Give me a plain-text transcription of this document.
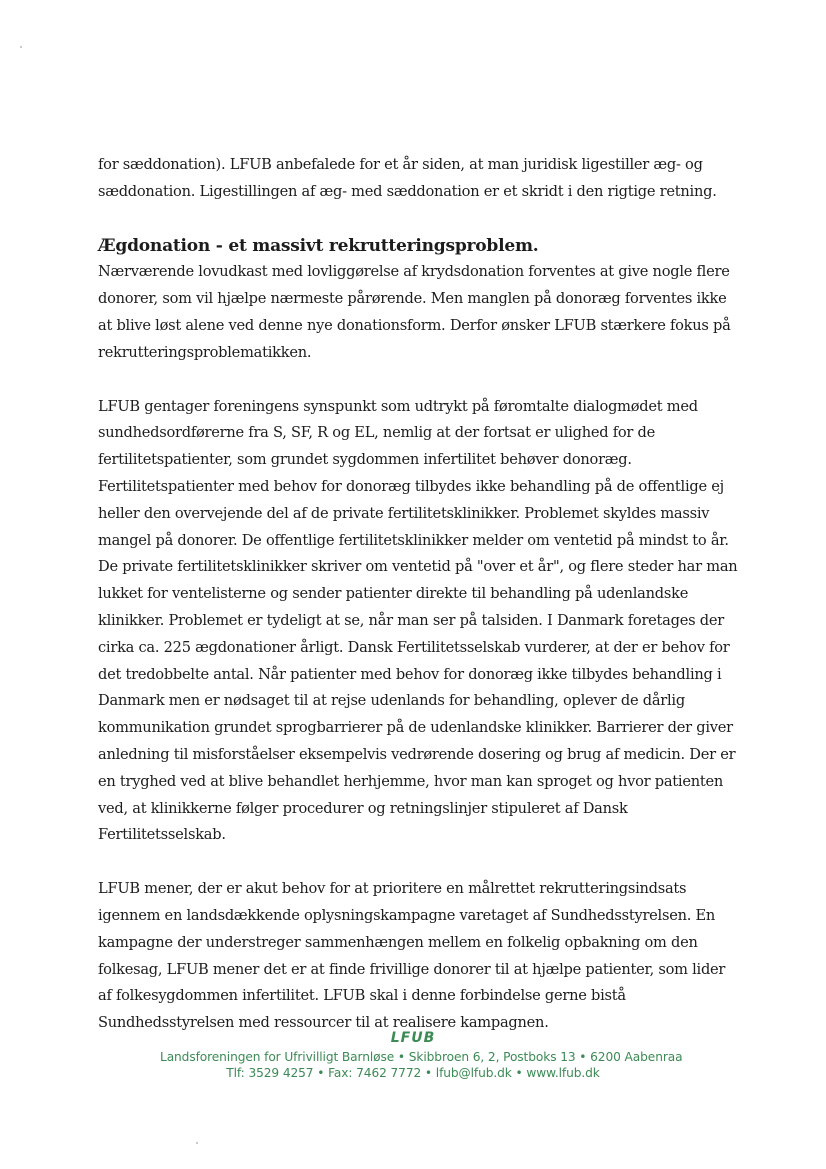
for sæddonation). LFUB anbefalede for et år siden, at man juridisk ligestiller æg- og sæddonation. Ligestillingen af æg- med sæddonation er et skridt i den rigtige retning.

Ægdonation - et massivt rekrutteringsproblem.

Nærværende lovudkast med lovliggørelse af krydsdonation forventes at give nogle flere donorer, som vil hjælpe nærmeste pårørende. Men manglen på donoræg forventes ikke at blive løst alene ved denne nye donationsform. Derfor ønsker LFUB stærkere fokus på rekrutteringsproblematikken.

LFUB gentager foreningens synspunkt som udtrykt på føromtalte dialogmødet med sundhedsordførerne fra S, SF, R og EL, nemlig at der fortsat er ulighed for de fertilitetspatienter, som grundet sygdommen infertilitet behøver donoræg. Fertilitetspatienter med behov for donoræg tilbydes ikke behandling på de offentlige ej heller den overvejende del af de private fertilitetsklinikker. Problemet skyldes massiv mangel på donorer. De offentlige fertilitetsklinikker melder om ventetid på mindst to år. De private fertilitetsklinikker skriver om ventetid på "over et år", og flere steder har man lukket for ventelisterne og sender patienter direkte til behandling på udenlandske klinikker. Problemet er tydeligt at se, når man ser på talsiden. I Danmark foretages der cirka ca. 225 ægdonationer årligt. Dansk Fertilitetsselskab vurderer, at der er behov for det tredobbelte antal. Når patienter med behov for donoræg ikke tilbydes behandling i Danmark men er nødsaget til at rejse udenlands for behandling, oplever de dårlig kommunikation grundet sprogbarrierer på de udenlandske klinikker. Barrierer der giver anledning til misforståelser eksempelvis vedrørende dosering og brug af medicin. Der er en tryghed ved at blive behandlet herhjemme, hvor man kan sproget og hvor patienten ved, at klinikkerne følger procedurer og retningslinjer stipuleret af Dansk Fertilitetsselskab.

LFUB mener, der er akut behov for at prioritere en målrettet rekrutteringsindsats igennem en landsdækkende oplysningskampagne varetaget af Sundhedsstyrelsen. En kampagne der understreger sammenhængen mellem en folkelig opbakning om den folkesag, LFUB mener det er at finde frivillige donorer til at hjælpe patienter, som lider af folkesygdommen infertilitet. LFUB skal i denne forbindelse gerne bistå Sundhedsstyrelsen med ressourcer til at realisere kampagnen.

LFUB
Landsforeningen for Ufrivilligt Barnløse • Skibbroen 6, 2, Postboks 13 • 6200 Aabenraa
Tlf: 3529 4257 • Fax: 7462 7772 • lfub@lfub.dk • www.lfub.dk
